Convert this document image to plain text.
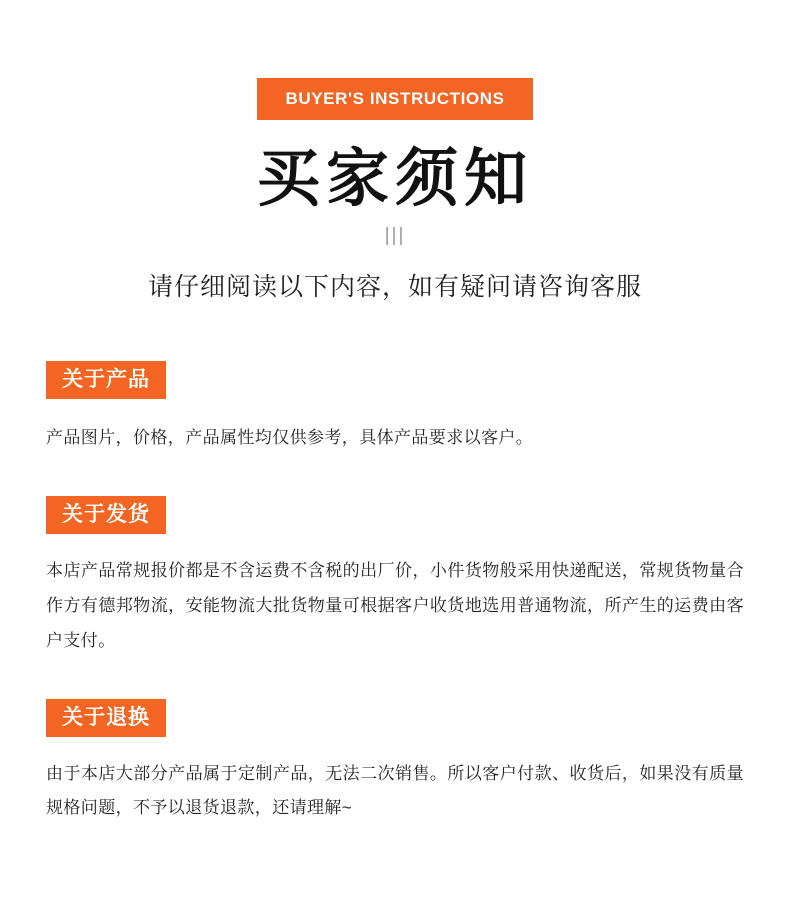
BUYER'S INSTRUCTIONS
买家须知
|||
请仔细阅读以下内容，如有疑问请咨询客服
关于产品
产品图片，价格，产品属性均仅供参考，具体产品要求以客户。
关于发货
本店产品常规报价都是不含运费不含税的出厂价，小件货物般采用快递配送，常规货物量合作方有德邦物流，安能物流大批货物量可根据客户收货地选用普通物流，所产生的运费由客户支付。
关于退换
由于本店大部分产品属于定制产品，无法二次销售。所以客户付款、收货后，如果没有质量规格问题，不予以退货退款，还请理解~
